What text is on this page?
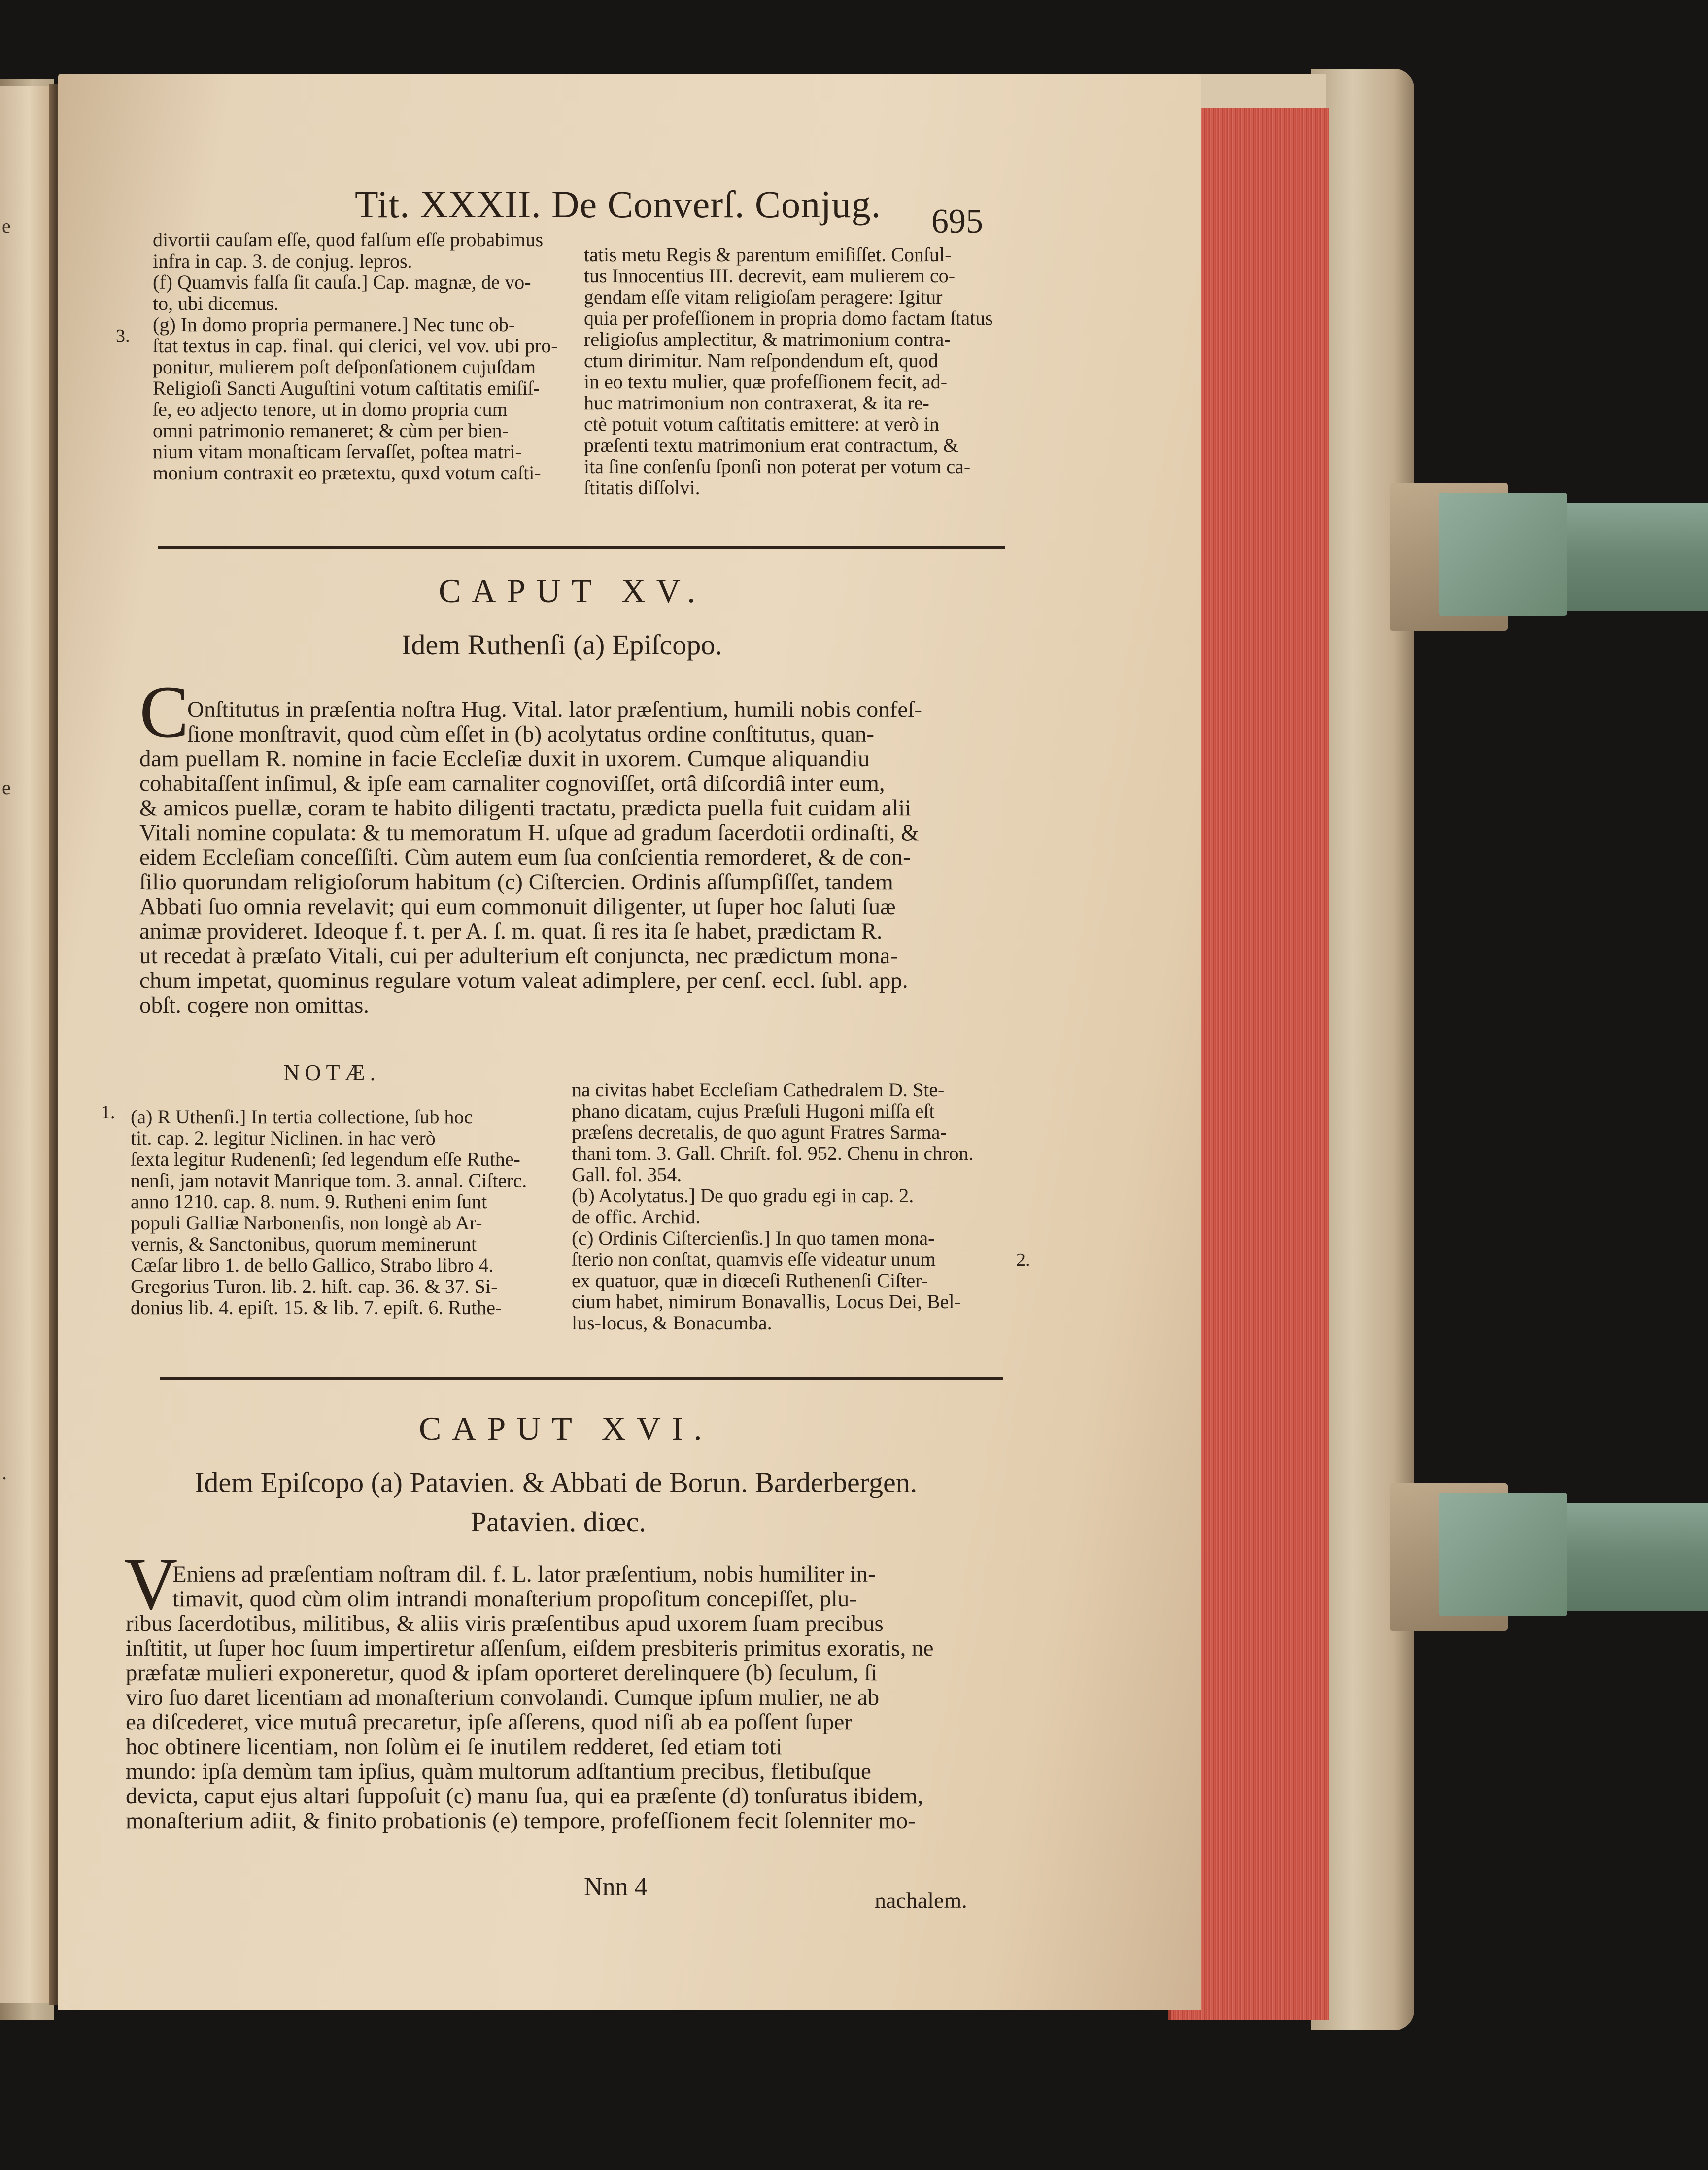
e
e
.
Tit. XXXII. De Converſ. Conjug. 695
divortii cauſam eſſe, quod falſum eſſe probabimus
infra in cap. 3. de conjug. lepros.
(f) Quamvis falſa ſit cauſa.] Cap. magnæ, de vo-
to, ubi dicemus.
(g) In domo propria permanere.] Nec tunc ob-
ſtat textus in cap. final. qui clerici, vel vov. ubi pro-
ponitur, mulierem poſt deſponſationem cujuſdam
Religioſi Sancti Auguſtini votum caſtitatis emiſiſ-
ſe, eo adjecto tenore, ut in domo propria cum
omni patrimonio remaneret; & cùm per bien-
nium vitam monaſticam ſervaſſet, poſtea matri-
monium contraxit eo prætextu, quxd votum caſti-
3.
tatis metu Regis & parentum emiſiſſet. Conſul-
tus Innocentius III. decrevit, eam mulierem co-
gendam eſſe vitam religioſam peragere: Igitur
quia per profeſſionem in propria domo factam ſtatus
religioſus amplectitur, & matrimonium contra-
ctum dirimitur. Nam reſpondendum eſt, quod
in eo textu mulier, quæ profeſſionem fecit, ad-
huc matrimonium non contraxerat, & ita re-
ctè potuit votum caſtitatis emittere: at verò in
præſenti textu matrimonium erat contractum, &
ita ſine conſenſu ſponſi non poterat per votum ca-
ſtitatis diſſolvi.
CAPUT XV.
Idem Ruthenſi (a) Epiſcopo.
C
Onſtitutus in præſentia noſtra Hug. Vital. lator præſentium, humili nobis confeſ-
ſione monſtravit, quod cùm eſſet in (b) acolytatus ordine conſtitutus, quan-
dam puellam R. nomine in facie Eccleſiæ duxit in uxorem. Cumque aliquandiu
cohabitaſſent inſimul, & ipſe eam carnaliter cognoviſſet, ortâ diſcordiâ inter eum,
& amicos puellæ, coram te habito diligenti tractatu, prædicta puella fuit cuidam alii
Vitali nomine copulata: & tu memoratum H. uſque ad gradum ſacerdotii ordinaſti, &
eidem Eccleſiam conceſſiſti. Cùm autem eum ſua conſcientia remorderet, & de con-
ſilio quorundam religioſorum habitum (c) Ciſtercien. Ordinis aſſumpſiſſet, tandem
Abbati ſuo omnia revelavit; qui eum commonuit diligenter, ut ſuper hoc ſaluti ſuæ
animæ provideret. Ideoque f. t. per A. ſ. m. quat. ſi res ita ſe habet, prædictam R.
ut recedat à præſato Vitali, cui per adulterium eſt conjuncta, nec prædictum mona-
chum impetat, quominus regulare votum valeat adimplere, per cenſ. eccl. ſubl. app.
obſt. cogere non omittas.
NOTÆ.
1. (a) R Uthenſi.] In tertia collectione, ſub hoc
tit. cap. 2. legitur Niclinen. in hac verò
ſexta legitur Rudenenſi; ſed legendum eſſe Ruthe-
nenſi, jam notavit Manrique tom. 3. annal. Ciſterc.
anno 1210. cap. 8. num. 9. Rutheni enim ſunt
populi Galliæ Narbonenſis, non longè ab Ar-
vernis, & Sanctonibus, quorum meminerunt
Cæſar libro 1. de bello Gallico, Strabo libro 4.
Gregorius Turon. lib. 2. hiſt. cap. 36. & 37. Si-
donius lib. 4. epiſt. 15. & lib. 7. epiſt. 6. Ruthe-
na civitas habet Eccleſiam Cathedralem D. Ste-
phano dicatam, cujus Præſuli Hugoni miſſa eſt
præſens decretalis, de quo agunt Fratres Sarma-
thani tom. 3. Gall. Chriſt. fol. 952. Chenu in chron.
Gall. fol. 354.
(b) Acolytatus.] De quo gradu egi in cap. 2.
de offic. Archid.
(c) Ordinis Ciſtercienſis.] In quo tamen mona-
ſterio non conſtat, quamvis eſſe videatur unum
ex quatuor, quæ in diœceſi Ruthenenſi Ciſter-
cium habet, nimirum Bonavallis, Locus Dei, Bel-
lus-locus, & Bonacumba.
2.
CAPUT XVI.
Idem Epiſcopo (a) Patavien. & Abbati de Borun. Barderbergen.
Patavien. diœc.
V
Eniens ad præſentiam noſtram dil. f. L. lator præſentium, nobis humiliter in-
timavit, quod cùm olim intrandi monaſterium propoſitum concepiſſet, plu-
ribus ſacerdotibus, militibus, & aliis viris præſentibus apud uxorem ſuam precibus
inſtitit, ut ſuper hoc ſuum impertiretur aſſenſum, eiſdem presbiteris primitus exoratis, ne
præfatæ mulieri exponeretur, quod & ipſam oporteret derelinquere (b) ſeculum, ſi
viro ſuo daret licentiam ad monaſterium convolandi. Cumque ipſum mulier, ne ab
ea diſcederet, vice mutuâ precaretur, ipſe aſſerens, quod niſi ab ea poſſent ſuper
hoc obtinere licentiam, non ſolùm ei ſe inutilem redderet, ſed etiam toti
mundo: ipſa demùm tam ipſius, quàm multorum adſtantium precibus, fletibuſque
devicta, caput ejus altari ſuppoſuit (c) manu ſua, qui ea præſente (d) tonſuratus ibidem,
monaſterium adiit, & finito probationis (e) tempore, profeſſionem fecit ſolenniter mo-
Nnn 4	nachalem.
